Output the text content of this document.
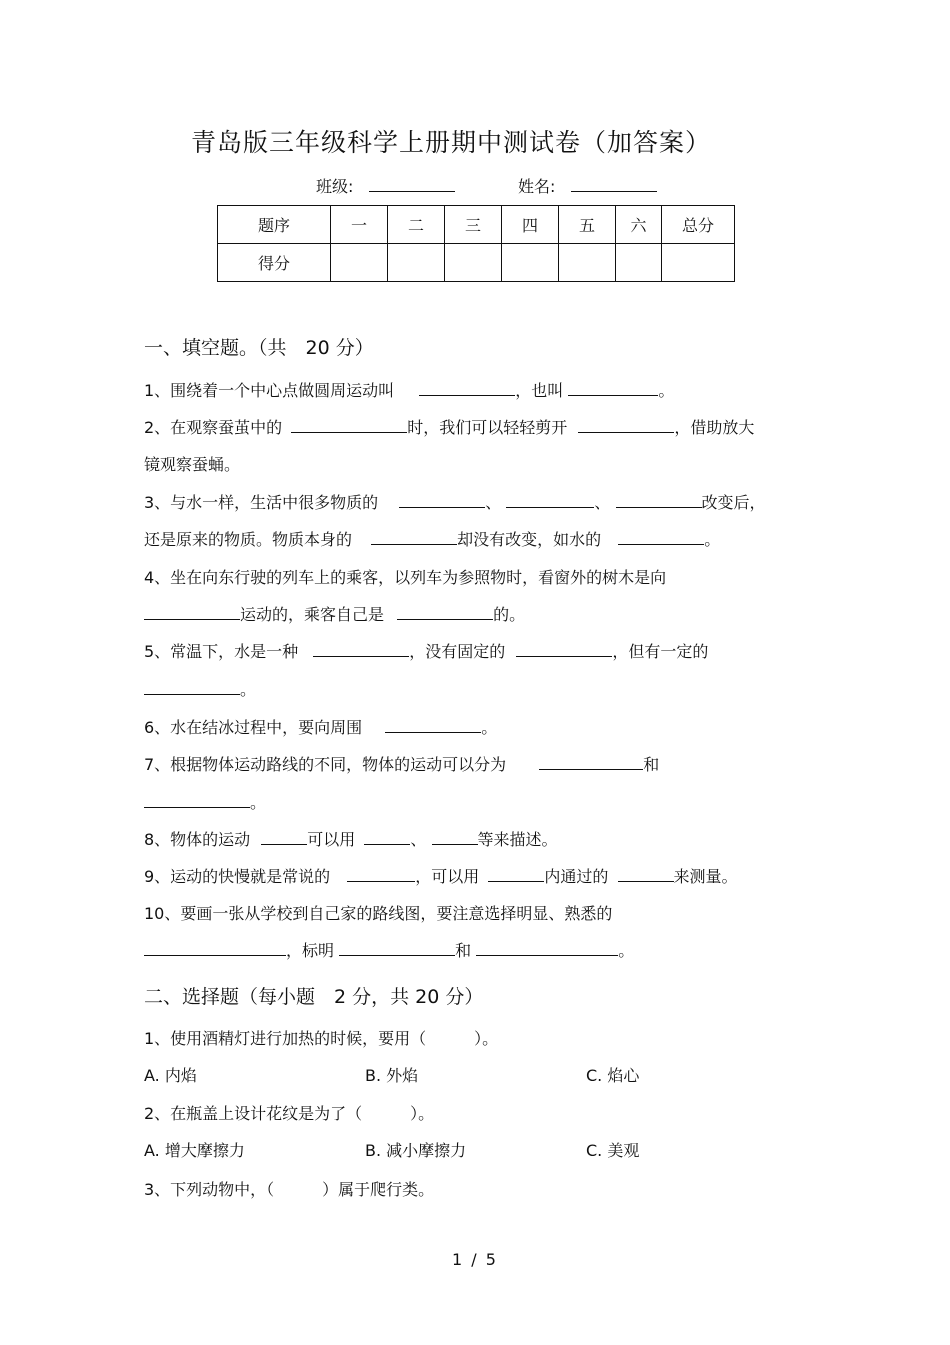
青岛版三年级科学上册期中测试卷（加答案）
班级:	姓名:
题序	一	二	三	四	五	六	总分
得分							
一、填空题。（共　20 分）
1、围绕着一个中心点做圆周运动叫	，也叫	。
2、在观察蚕茧中的	时，我们可以轻轻剪开	，借助放大
镜观察蚕蛹。
3、与水一样，生活中很多物质的	、	、	改变后，
还是原来的物质。物质本身的	却没有改变，如水的	。
4、坐在向东行驶的列车上的乘客，以列车为参照物时，看窗外的树木是向
运动的，乘客自己是	的。
5、常温下，水是一种	，没有固定的	，但有一定的
。
6、水在结冰过程中，要向周围	。
7、根据物体运动路线的不同，物体的运动可以分为	和
。
8、物体的运动	可以用	、	等来描述。
9、运动的快慢就是常说的	，可以用	内通过的	来测量。
10、要画一张从学校到自己家的路线图，要注意选择明显、熟悉的
，标明	和	。
二、选择题（每小题　2 分，共 20 分）
1、使用酒精灯进行加热的时候，要用（　　　）。
A. 内焰	B. 外焰	C. 焰心
2、在瓶盖上设计花纹是为了（　　　）。
A. 增大摩擦力	B. 减小摩擦力	C. 美观
3、下列动物中，（　　　）属于爬行类。
1 / 5
